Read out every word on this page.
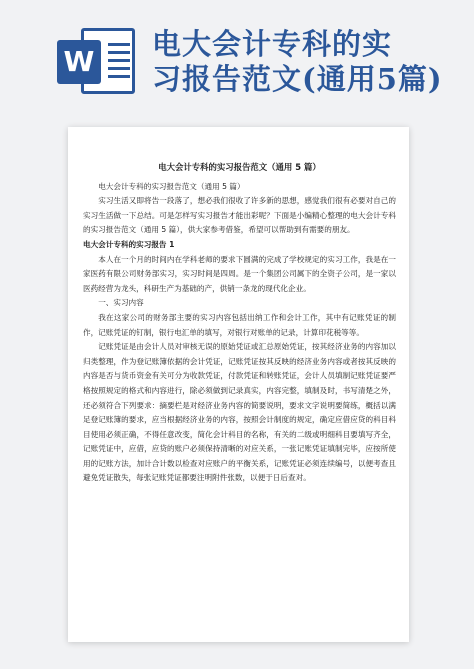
W
电大会计专科的实
习报告范文(通用5篇)
电大会计专科的实习报告范文（通用 5 篇）

电大会计专科的实习报告范文（通用 5 篇）

实习生活又即将告一段落了，想必我们很收了许多新的思想，感觉我们很有必要对自己的实习生活做一下总结。可是怎样写实习报告才能出彩呢？下面是小编精心整理的电大会计专科的实习报告范文（通用 5 篇），供大家参考借鉴，希望可以帮助到有需要的朋友。

电大会计专科的实习报告 1

本人在一个月的时间内在学科老师的要求下圆满的完成了学校规定的实习工作，我是在一家医药有限公司财务部实习，实习时间是四周。是一个集团公司属下的全资子公司，是一家以医药经营为龙头，科研生产为基础的产，供销一条龙的现代化企业。

一、实习内容

我在这家公司的财务部主要的实习内容包括出纳工作和会计工作，其中有记账凭证的制作，记账凭证的钉制，银行电汇单的填写，对银行对账单的记录，计算印花税等等。

记账凭证是由会计人员对审核无误的原始凭证或汇总原始凭证，按其经济业务的内容加以归类整理，作为登记账簿依据的会计凭证，记账凭证按其反映的经济业务内容或者按其反映的内容是否与货币资金有关可分为收款凭证，付款凭证和转账凭证，会计人员填制记账凭证要严格按照规定的格式和内容进行，除必须做到记录真实，内容完整，填制及时，书写清楚之外，还必须符合下列要求：摘要栏是对经济业务内容的简要说明，要求文字说明要简练，概括以满足登记账簿的要求，应当根据经济业务的内容，按照会计制度的规定，确定应借应贷的科目科目使用必须正确，不得任意改变，简化会计科目的名称，有关的二级或明细科目要填写齐全，记账凭证中，应借，应贷的账户必须保持清晰的对应关系，一张记账凭证填制完毕，应按所使用的记账方法，加计合计数以检查对应账户的平衡关系，记账凭证必须连续编号，以便考查且避免凭证散失，每张记账凭证都要注明附件张数，以便于日后查对。
